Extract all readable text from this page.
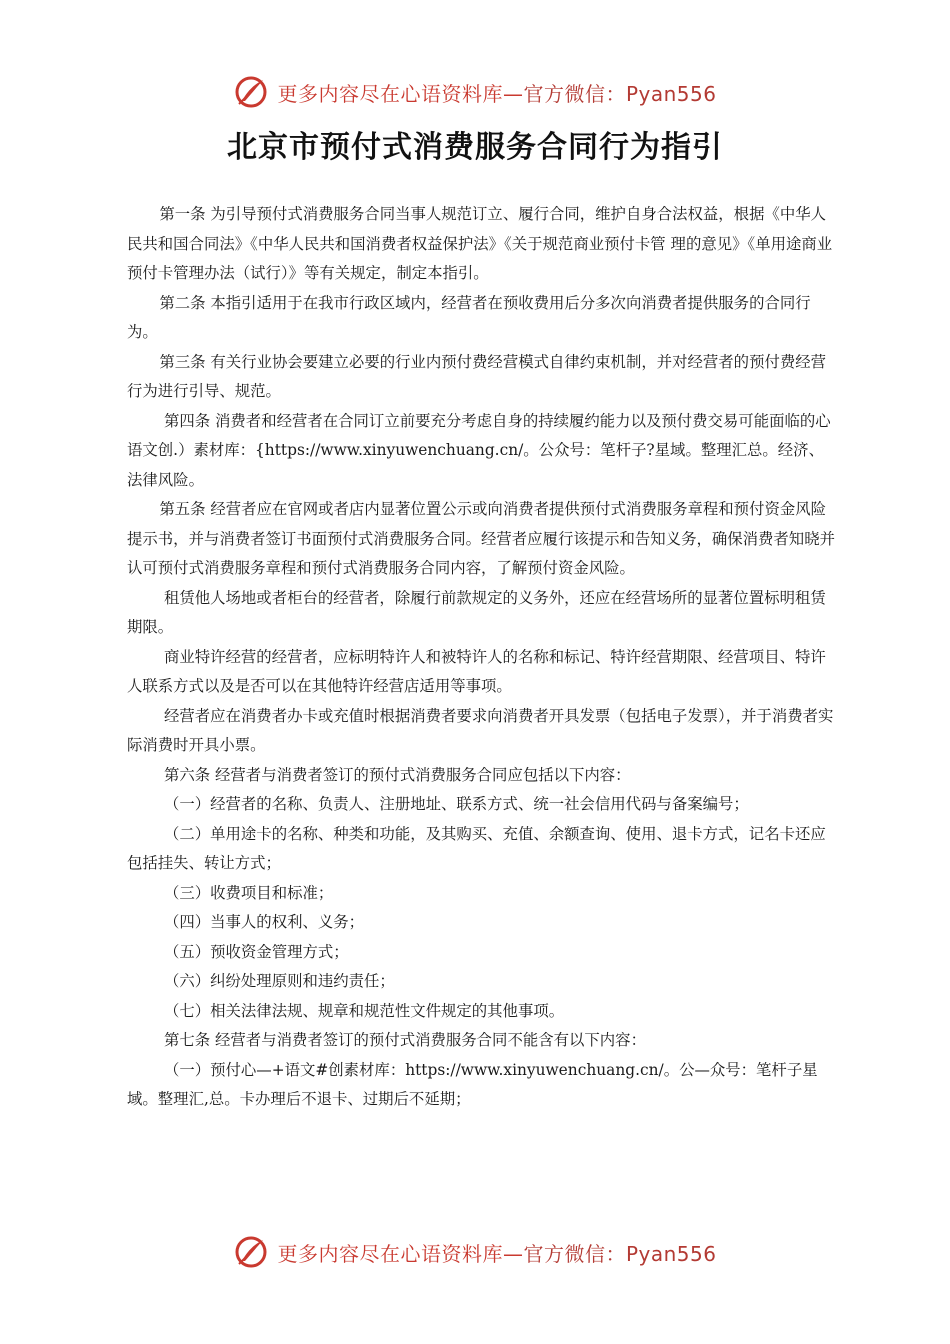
更多内容尽在心语资料库—官方微信：Pyan556
北京市预付式消费服务合同行为指引

第一条 为引导预付式消费服务合同当事人规范订立、履行合同，维护自身合法权益，根据《中华人民共和国合同法》《中华人民共和国消费者权益保护法》《关于规范商业预付卡管 理的意见》《单用途商业预付卡管理办法（试行）》等有关规定，制定本指引。

第二条 本指引适用于在我市行政区域内，经营者在预收费用后分多次向消费者提供服务的合同行为。

第三条 有关行业协会要建立必要的行业内预付费经营模式自律约束机制，并对经营者的预付费经营行为进行引导、规范。

第四条 消费者和经营者在合同订立前要充分考虑自身的持续履约能力以及预付费交易可能面临的心语文创.）素材库：{https://www.xinyuwenchuang.cn/。公众号：笔杆子?星域。整理汇总。经济、法律风险。

第五条 经营者应在官网或者店内显著位置公示或向消费者提供预付式消费服务章程和预付资金风险提示书，并与消费者签订书面预付式消费服务合同。经营者应履行该提示和告知义务，确保消费者知晓并认可预付式消费服务章程和预付式消费服务合同内容，了解预付资金风险。

租赁他人场地或者柜台的经营者，除履行前款规定的义务外，还应在经营场所的显著位置标明租赁期限。

商业特许经营的经营者，应标明特许人和被特许人的名称和标记、特许经营期限、经营项目、特许人联系方式以及是否可以在其他特许经营店适用等事项。

经营者应在消费者办卡或充值时根据消费者要求向消费者开具发票（包括电子发票），并于消费者实际消费时开具小票。

第六条 经营者与消费者签订的预付式消费服务合同应包括以下内容：

（一）经营者的名称、负责人、注册地址、联系方式、统一社会信用代码与备案编号；

（二）单用途卡的名称、种类和功能，及其购买、充值、余额查询、使用、退卡方式，记名卡还应包括挂失、转让方式；

（三）收费项目和标准；

（四）当事人的权利、义务；

（五）预收资金管理方式；

（六）纠纷处理原则和违约责任；

（七）相关法律法规、规章和规范性文件规定的其他事项。

第七条 经营者与消费者签订的预付式消费服务合同不能含有以下内容：

（一）预付心—+语文#创素材库：https://www.xinyuwenchuang.cn/。公—众号：笔杆子星域。整理汇,总。卡办理后不退卡、过期后不延期；

更多内容尽在心语资料库—官方微信：Pyan556
